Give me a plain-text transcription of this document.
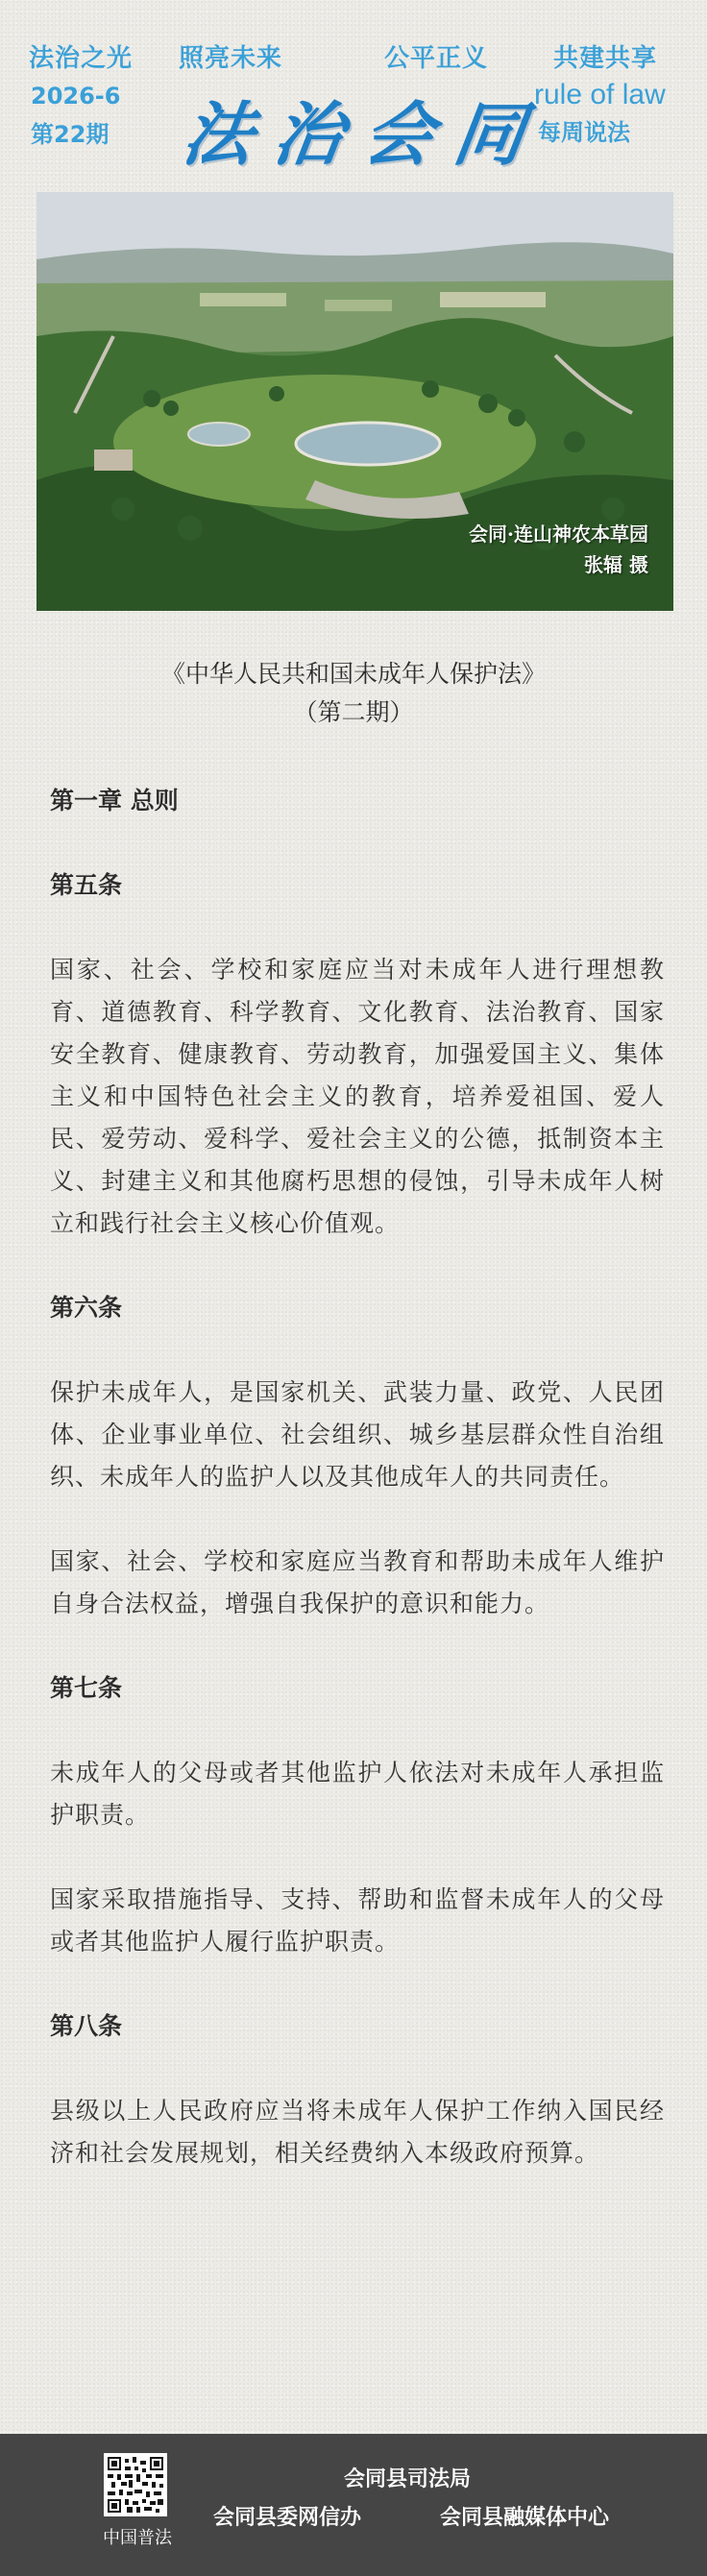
法治之光 照亮未来	公平正义	共建共享
2026-6
第22期 法治会同
rule of law
每周说法
会同·连山神农本草园
张辐 摄
《中华人民共和国未成年人保护法》
（第二期）
第一章 总则
第五条
国家、社会、学校和家庭应当对未成年人进行理想教育、道德教育、科学教育、文化教育、法治教育、国家安全教育、健康教育、劳动教育，加强爱国主义、集体主义和中国特色社会主义的教育，培养爱祖国、爱人民、爱劳动、爱科学、爱社会主义的公德，抵制资本主义、封建主义和其他腐朽思想的侵蚀，引导未成年人树立和践行社会主义核心价值观。
第六条
保护未成年人，是国家机关、武装力量、政党、人民团体、企业事业单位、社会组织、城乡基层群众性自治组织、未成年人的监护人以及其他成年人的共同责任。
国家、社会、学校和家庭应当教育和帮助未成年人维护自身合法权益，增强自我保护的意识和能力。
第七条
未成年人的父母或者其他监护人依法对未成年人承担监护职责。
国家采取措施指导、支持、帮助和监督未成年人的父母或者其他监护人履行监护职责。
第八条
县级以上人民政府应当将未成年人保护工作纳入国民经济和社会发展规划，相关经费纳入本级政府预算。
中国普法
会同县司法局
会同县委网信办	会同县融媒体中心
